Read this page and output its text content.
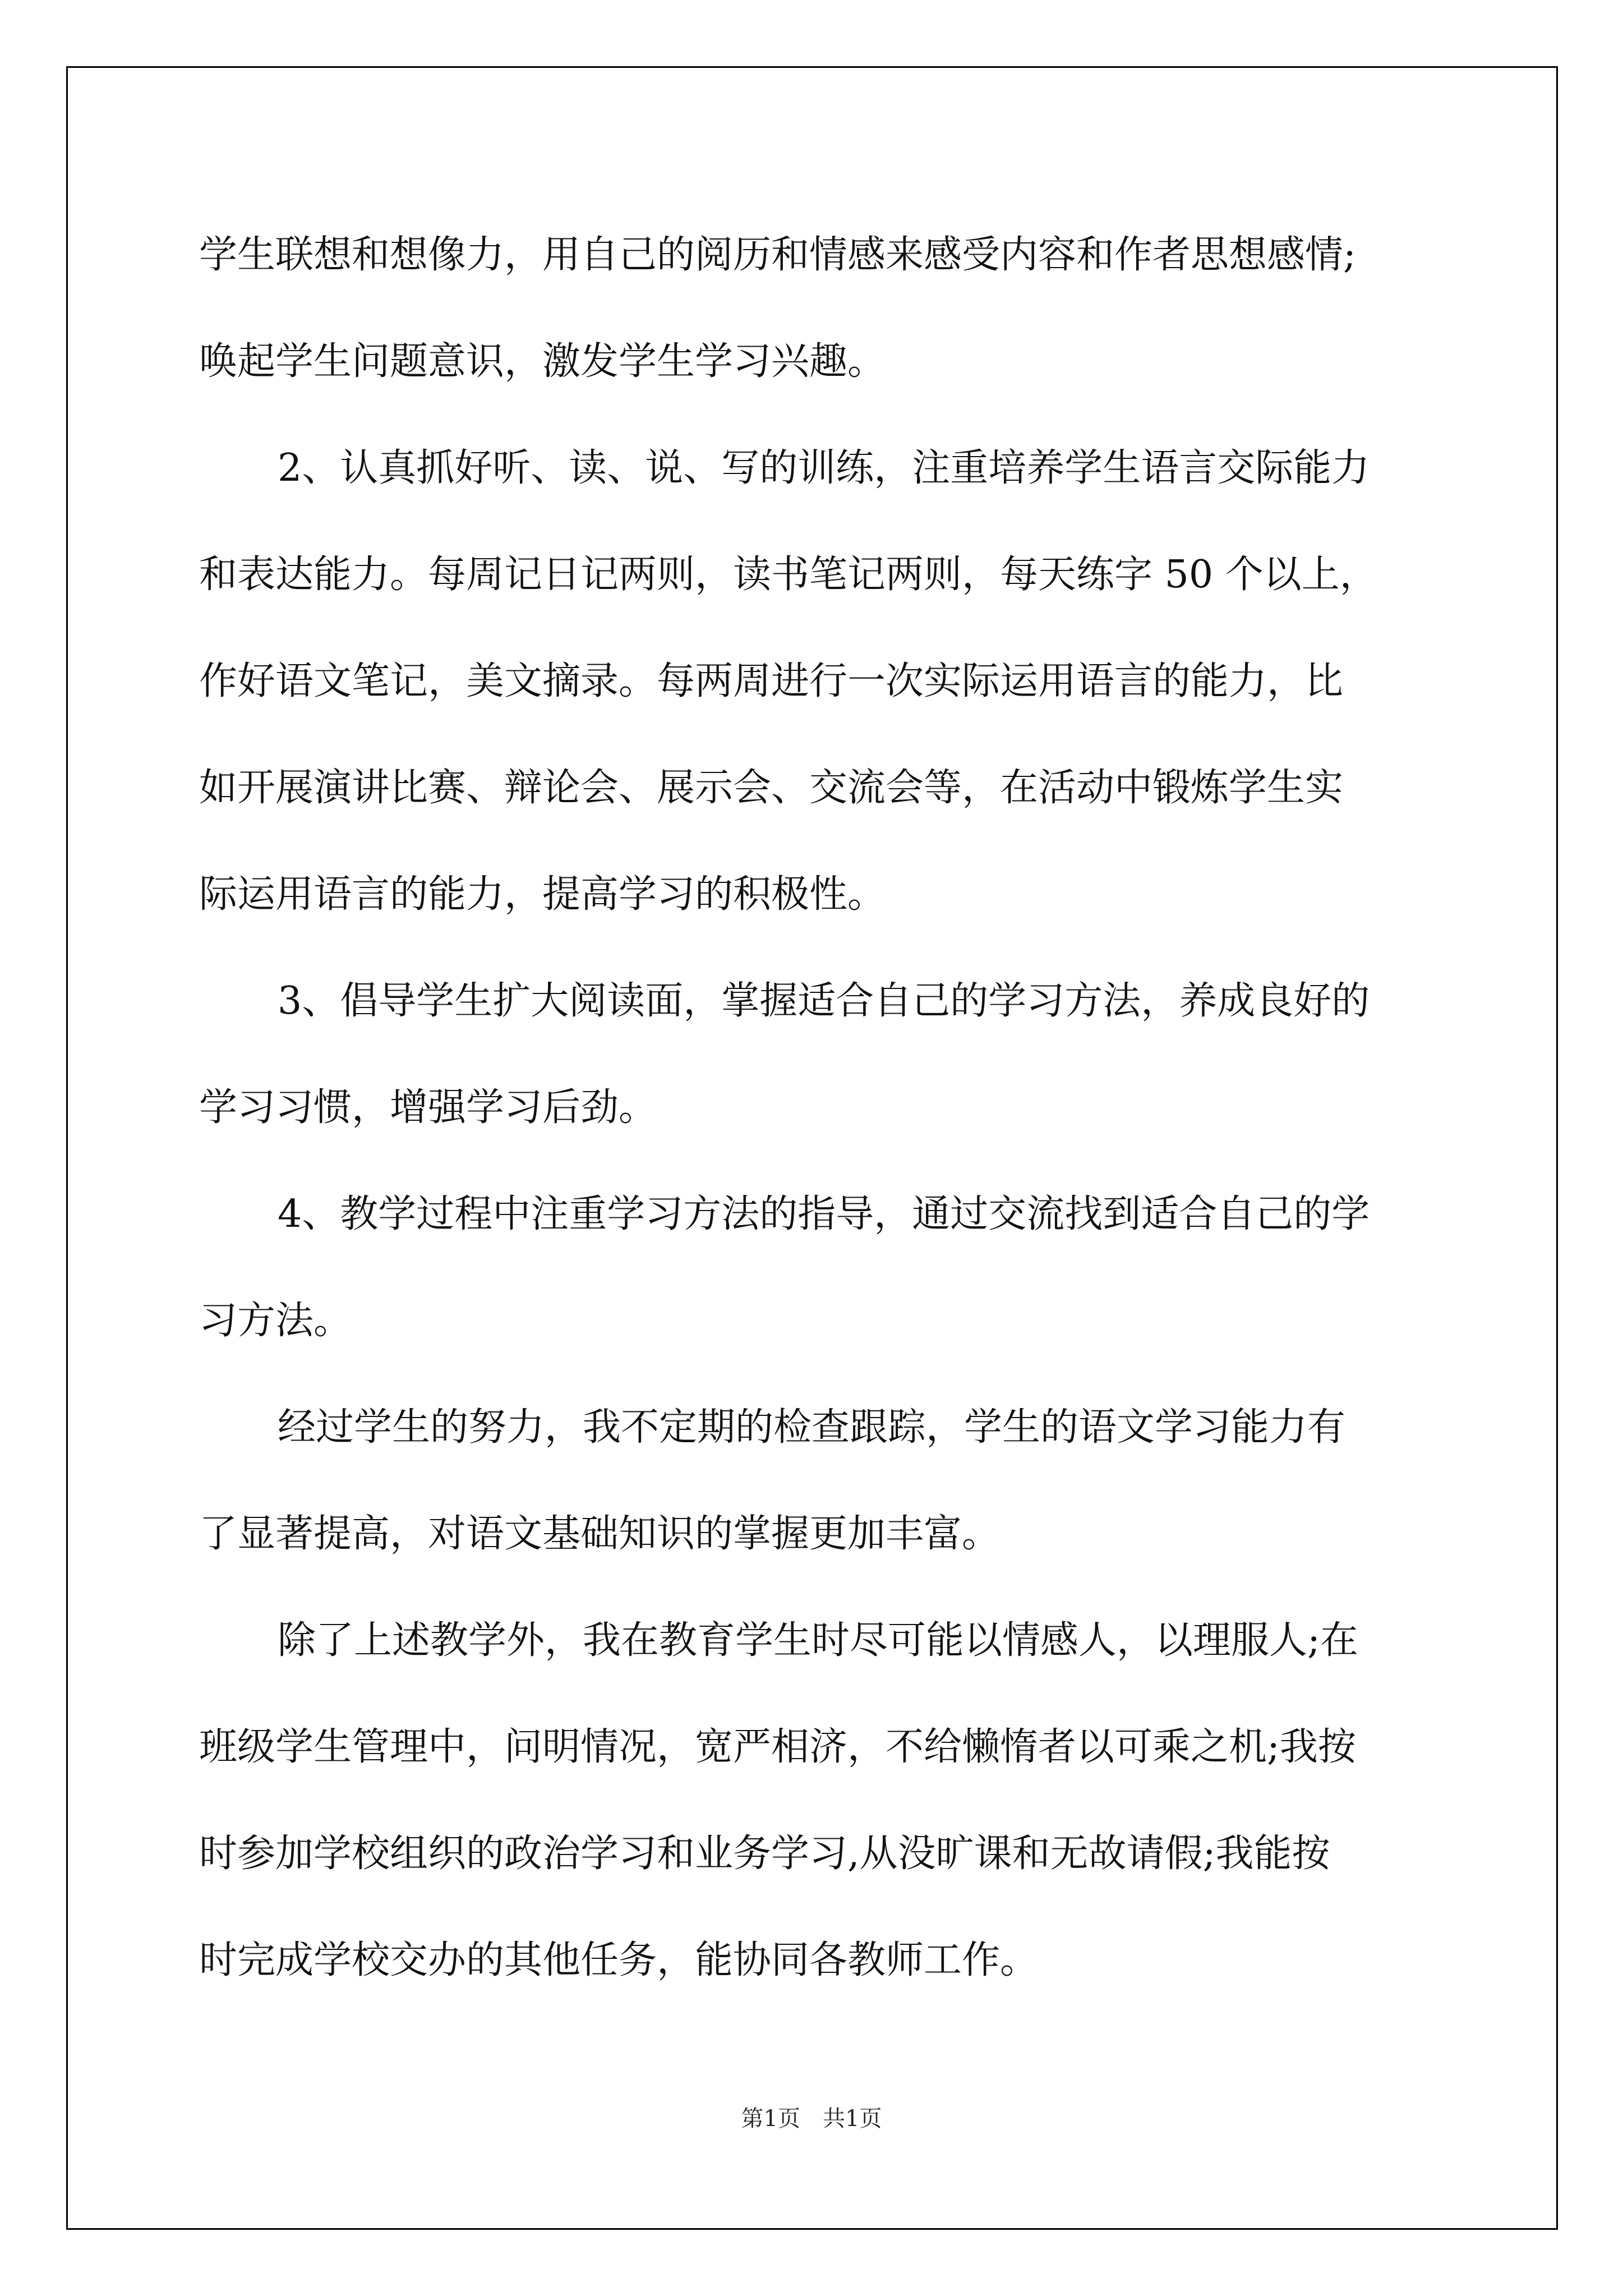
学生联想和想像力，用自己的阅历和情感来感受内容和作者思想感情;
唤起学生问题意识，激发学生学习兴趣。
2、认真抓好听、读、说、写的训练，注重培养学生语言交际能力
和表达能力。每周记日记两则，读书笔记两则，每天练字 50 个以上，
作好语文笔记，美文摘录。每两周进行一次实际运用语言的能力，比
如开展演讲比赛、辩论会、展示会、交流会等，在活动中锻炼学生实
际运用语言的能力，提高学习的积极性。
3、倡导学生扩大阅读面，掌握适合自己的学习方法，养成良好的
学习习惯，增强学习后劲。
4、教学过程中注重学习方法的指导，通过交流找到适合自己的学
习方法。
经过学生的努力，我不定期的检查跟踪，学生的语文学习能力有
了显著提高，对语文基础知识的掌握更加丰富。
除了上述教学外，我在教育学生时尽可能以情感人，以理服人;在
班级学生管理中，问明情况，宽严相济，不给懒惰者以可乘之机;我按
时参加学校组织的政治学习和业务学习,从没旷课和无故请假;我能按
时完成学校交办的其他任务，能协同各教师工作。
第1页　共1页
